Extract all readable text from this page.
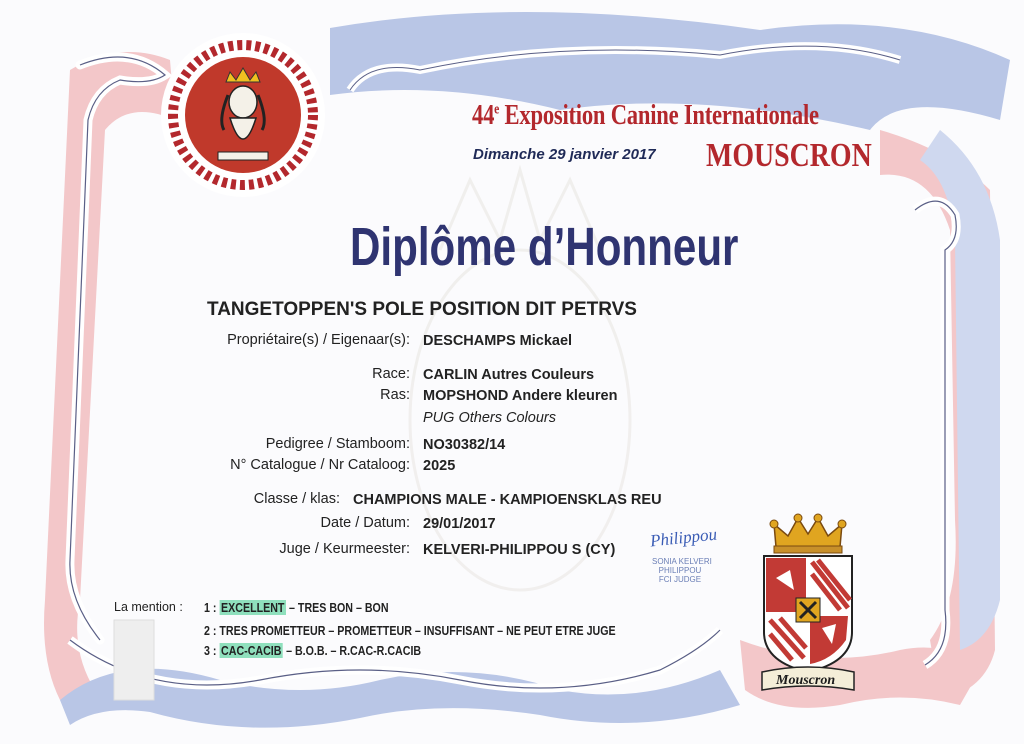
44e Exposition Canine Internationale
Dimanche 29 janvier 2017 MOUSCRON
Diplôme d’Honneur
TANGETOPPEN'S POLE POSITION DIT PETRVS
Propriétaire(s) / Eigenaar(s): DESCHAMPS Mickael
Race: CARLIN Autres Couleurs
Ras: MOPSHOND Andere kleuren
PUG Others Colours
Pedigree / Stamboom: NO30382/14
N° Catalogue / Nr Cataloog: 2025
Classe / klas: CHAMPIONS MALE - KAMPIOENSKLAS REU
Date / Datum: 29/01/2017
Juge / Keurmeester: KELVERI-PHILIPPOU S (CY) Philippou
SONIA KELVERI
PHILIPPOU
FCI JUDGE
La mention : 1 : EXCELLENT – TRES BON – BON
2 : TRES PROMETTEUR – PROMETTEUR – INSUFFISANT – NE PEUT ETRE JUGE
3 : CAC-CACIB – B.O.B. – R.CAC-R.CACIB
Mouscron
